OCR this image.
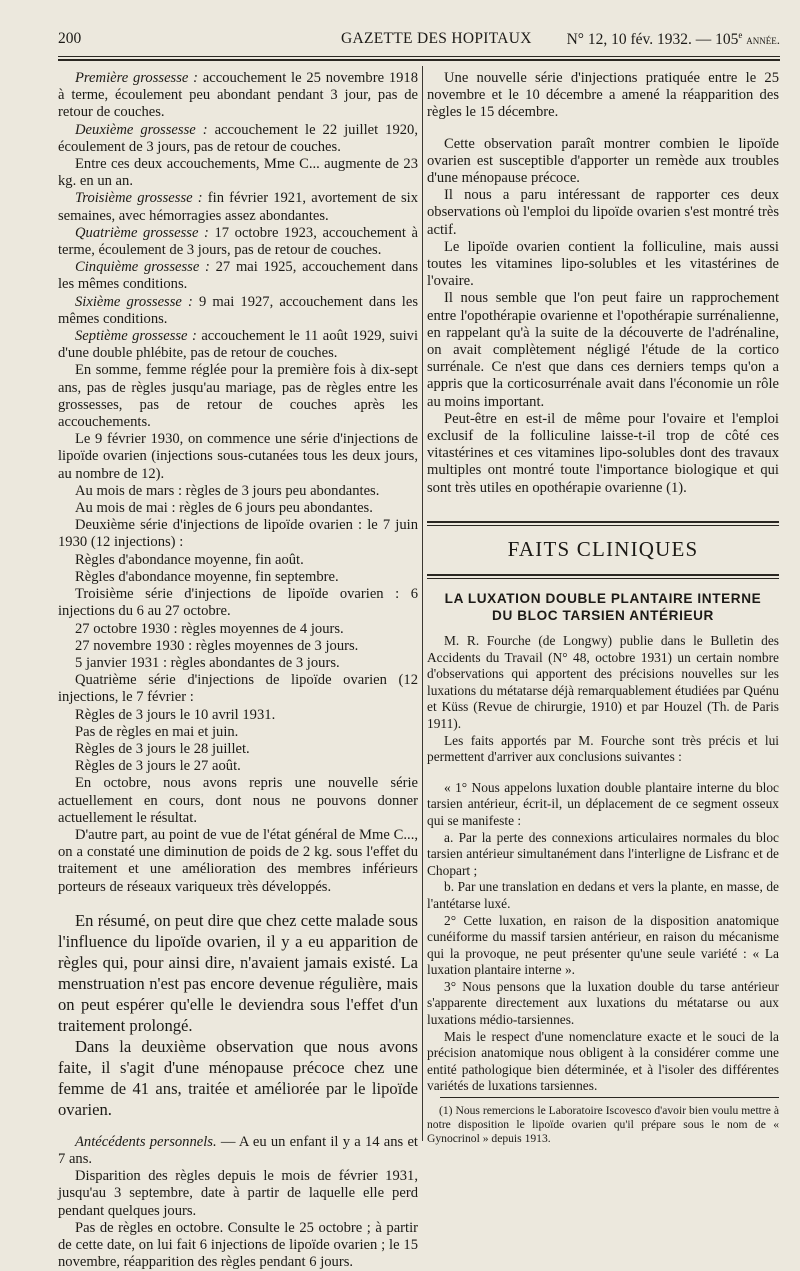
200	GAZETTE DES HOPITAUX N° 12, 10 fév. 1932. — 105e année.

Première grossesse : accouchement le 25 novembre 1918 à terme, écoulement peu abondant pendant 3 jour, pas de retour de couches.

Deuxième grossesse : accouchement le 22 juillet 1920, écoulement de 3 jours, pas de retour de couches.

Entre ces deux accouchements, Mme C... augmente de 23 kg. en un an.

Troisième grossesse : fin février 1921, avortement de six semaines, avec hémorragies assez abondantes.

Quatrième grossesse : 17 octobre 1923, accouchement à terme, écoulement de 3 jours, pas de retour de couches.

Cinquième grossesse : 27 mai 1925, accouchement dans les mêmes conditions.

Sixième grossesse : 9 mai 1927, accouchement dans les mêmes conditions.

Septième grossesse : accouchement le 11 août 1929, suivi d'une double phlébite, pas de retour de couches.

En somme, femme réglée pour la première fois à dix-sept ans, pas de règles jusqu'au mariage, pas de règles entre les grossesses, pas de retour de couches après les accouchements.

Le 9 février 1930, on commence une série d'injections de lipoïde ovarien (injections sous-cutanées tous les deux jours, au nombre de 12).

Au mois de mars : règles de 3 jours peu abondantes.

Au mois de mai : règles de 6 jours peu abondantes.

Deuxième série d'injections de lipoïde ovarien : le 7 juin 1930 (12 injections) :

Règles d'abondance moyenne, fin août.

Règles d'abondance moyenne, fin septembre.

Troisième série d'injections de lipoïde ovarien : 6 injections du 6 au 27 octobre.

27 octobre 1930 : règles moyennes de 4 jours.

27 novembre 1930 : règles moyennes de 3 jours.

5 janvier 1931 : règles abondantes de 3 jours.

Quatrième série d'injections de lipoïde ovarien (12 injections, le 7 février :

Règles de 3 jours le 10 avril 1931.

Pas de règles en mai et juin.

Règles de 3 jours le 28 juillet.

Règles de 3 jours le 27 août.

En octobre, nous avons repris une nouvelle série actuellement en cours, dont nous ne pouvons donner actuellement le résultat.

D'autre part, au point de vue de l'état général de Mme C..., on a constaté une diminution de poids de 2 kg. sous l'effet du traitement et une amélioration des membres inférieurs porteurs de réseaux variqueux très développés.

En résumé, on peut dire que chez cette malade sous l'influence du lipoïde ovarien, il y a eu apparition de règles qui, pour ainsi dire, n'avaient jamais existé. La menstruation n'est pas encore devenue régulière, mais on peut espérer qu'elle le deviendra sous l'effet d'un traitement prolongé.

Dans la deuxième observation que nous avons faite, il s'agit d'une ménopause précoce chez une femme de 41 ans, traitée et améliorée par le lipoïde ovarien.

Antécédents personnels. — A eu un enfant il y a 14 ans et 7 ans.

Disparition des règles depuis le mois de février 1931, jusqu'au 3 septembre, date à partir de laquelle elle perd pendant quelques jours.

Pas de règles en octobre. Consulte le 25 octobre ; à partir de cette date, on lui fait 6 injections de lipoïde ovarien ; le 15 novembre, réapparition des règles pendant 6 jours.

Une nouvelle série d'injections pratiquée entre le 25 novembre et le 10 décembre a amené la réapparition des règles le 15 décembre.

Cette observation paraît montrer combien le lipoïde ovarien est susceptible d'apporter un remède aux troubles d'une ménopause précoce.

Il nous a paru intéressant de rapporter ces deux observations où l'emploi du lipoïde ovarien s'est montré très actif.

Le lipoïde ovarien contient la folliculine, mais aussi toutes les vitamines lipo-solubles et les vitastérines de l'ovaire.

Il nous semble que l'on peut faire un rapprochement entre l'opothérapie ovarienne et l'opothérapie surrénalienne, en rappelant qu'à la suite de la découverte de l'adrénaline, on avait complètement négligé l'étude de la cortico surrénale. Ce n'est que dans ces derniers temps qu'on a appris que la corticosurrénale avait dans l'économie un rôle au moins important.

Peut-être en est-il de même pour l'ovaire et l'emploi exclusif de la folliculine laisse-t-il trop de côté ces vitastérines et ces vitamines lipo-solubles dont des travaux multiples ont montré toute l'importance biologique et qui sont très utiles en opothérapie ovarienne (1).

FAITS CLINIQUES
LA LUXATION DOUBLE PLANTAIRE INTERNE
DU BLOC TARSIEN ANTÉRIEUR

M. R. Fourche (de Longwy) publie dans le Bulletin des Accidents du Travail (N° 48, octobre 1931) un certain nombre d'observations qui apportent des précisions nouvelles sur les luxations du métatarse déjà remarquablement étudiées par Quénu et Küss (Revue de chirurgie, 1910) et par Houzel (Th. de Paris 1911).

Les faits apportés par M. Fourche sont très précis et lui permettent d'arriver aux conclusions suivantes :

« 1° Nous appelons luxation double plantaire interne du bloc tarsien antérieur, écrit-il, un déplacement de ce segment osseux qui se manifeste :

a. Par la perte des connexions articulaires normales du bloc tarsien antérieur simultanément dans l'interligne de Lisfranc et de Chopart ;

b. Par une translation en dedans et vers la plante, en masse, de l'antétarse luxé.

2° Cette luxation, en raison de la disposition anatomique cunéiforme du massif tarsien antérieur, en raison du mécanisme qui la provoque, ne peut présenter qu'une seule variété : « La luxation plantaire interne ».

3° Nous pensons que la luxation double du tarse antérieur s'apparente directement aux luxations du métatarse ou aux luxations médio-tarsiennes.

Mais le respect d'une nomenclature exacte et le souci de la précision anatomique nous obligent à la considérer comme une entité pathologique bien déterminée, et à l'isoler des différentes variétés de luxations tarsiennes.

(1) Nous remercions le Laboratoire Iscovesco d'avoir bien voulu mettre à notre disposition le lipoïde ovarien qu'il prépare sous le nom de « Gynocrinol » depuis 1913.
